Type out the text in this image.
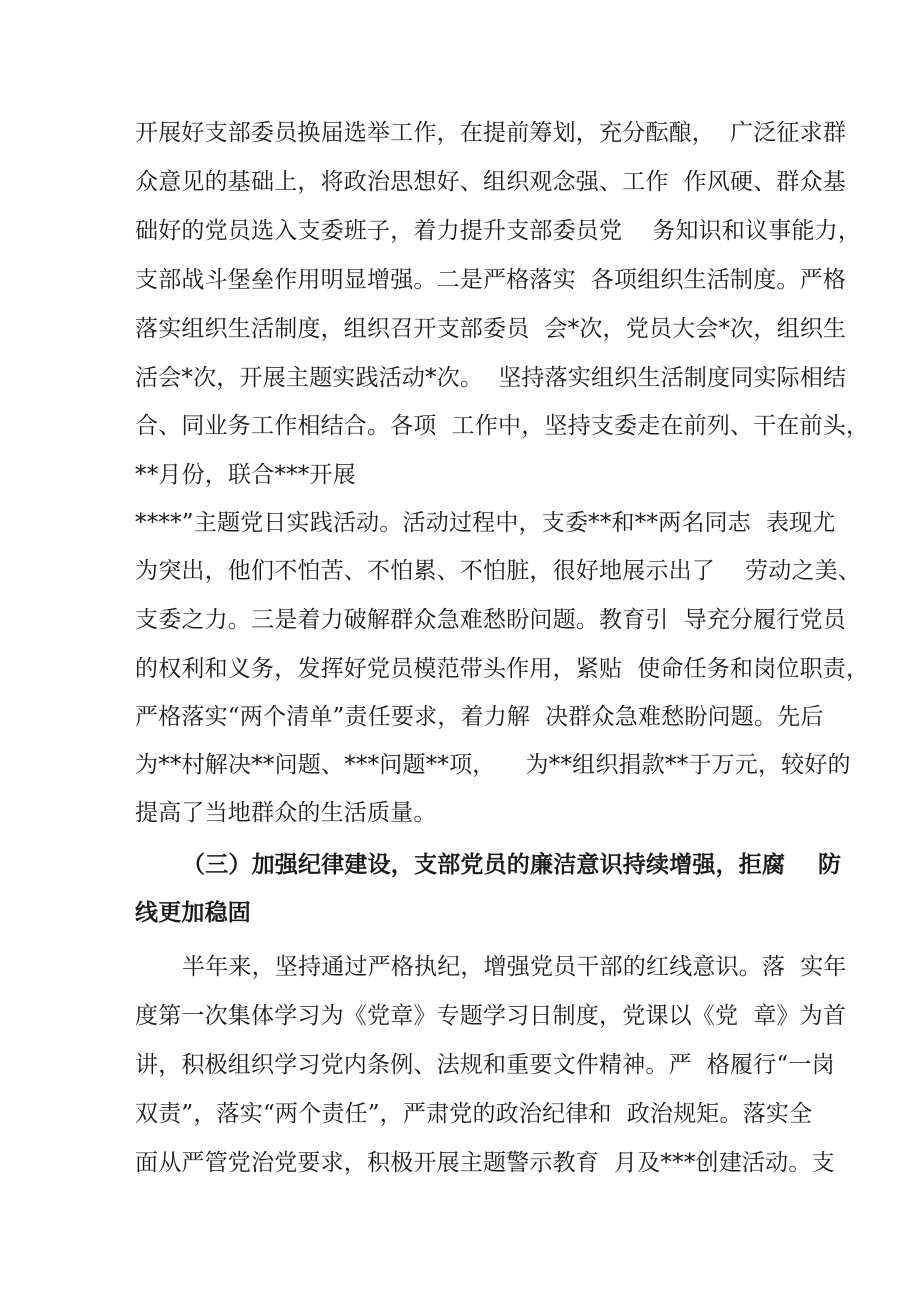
开展好支部委员换届选举工作，在提前筹划，充分酝酿，  广泛征求群
众意见的基础上，将政治思想好、组织观念强、工作  作风硬、群众基
础好的党员选入支委班子，着力提升支部委员党    务知识和议事能力，
支部战斗堡垒作用明显增强。二是严格落实  各项组织生活制度。严格
落实组织生活制度，组织召开支部委员  会*次，党员大会*次，组织生
活会*次，开展主题实践活动*次。  坚持落实组织生活制度同实际相结
合、同业务工作相结合。各项  工作中，坚持支委走在前列、干在前头，
**月份，联合***开展
****”主题党日实践活动。活动过程中，支委**和**两名同志  表现尤
为突出，他们不怕苦、不怕累、不怕脏，很好地展示出了    劳动之美、
支委之力。三是着力破解群众急难愁盼问题。教育引  导充分履行党员
的权利和义务，发挥好党员模范带头作用，紧贴  使命任务和岗位职责，
严格落实“两个清单”责任要求，着力解  决群众急难愁盼问题。先后
为**村解决**问题、***问题**项，    为**组织捐款**于万元，较好的
提高了当地群众的生活质量。
（三）加强纪律建设，支部党员的廉洁意识持续增强，拒腐    防
线更加稳固
半年来，坚持通过严格执纪，增强党员干部的红线意识。落  实年
度第一次集体学习为《党章》专题学习日制度，党课以《党  章》为首
讲，积极组织学习党内条例、法规和重要文件精神。严  格履行“一岗
双责”，落实“两个责任”，严肃党的政治纪律和  政治规矩。落实全
面从严管党治党要求，积极开展主题警示教育  月及***创建活动。支
